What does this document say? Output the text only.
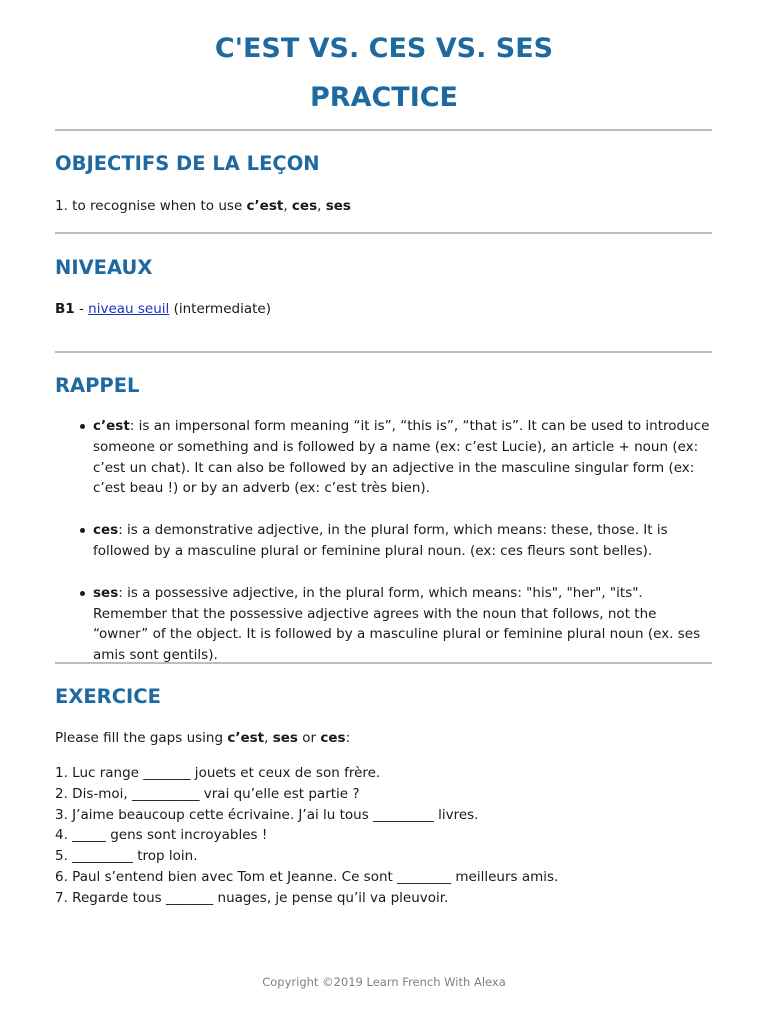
C'EST VS. CES VS. SES
PRACTICE
OBJECTIFS DE LA LEÇON

1. to recognise when to use c’est, ces, ses

NIVEAUX

B1 - niveau seuil (intermediate)

RAPPEL
c’est: is an impersonal form meaning “it is”, “this is”, “that is”. It can be used to introduce someone or something and is followed by a name (ex: c’est Lucie), an article + noun (ex: c’est un chat). It can also be followed by an adjective in the masculine singular form (ex: c’est beau !) or by an adverb (ex: c’est très bien).
ces: is a demonstrative adjective, in the plural form, which means: these, those. It is followed by a masculine plural or feminine plural noun. (ex: ces fleurs sont belles).
ses: is a possessive adjective, in the plural form, which means: "his", "her", "its". Remember that the possessive adjective agrees with the noun that follows, not the “owner” of the object. It is followed by a masculine plural or feminine plural noun (ex. ses amis sont gentils).
EXERCICE

Please fill the gaps using c’est, ses or ces:

1. Luc range _______ jouets et ceux de son frère.
2. Dis-moi, __________ vrai qu’elle est partie ?
3. J’aime beaucoup cette écrivaine. J’ai lu tous _________ livres.
4. _____ gens sont incroyables !
5. _________ trop loin.
6. Paul s’entend bien avec Tom et Jeanne. Ce sont ________ meilleurs amis.
7. Regarde tous _______ nuages, je pense qu’il va pleuvoir.
Copyright ©2019 Learn French With Alexa
